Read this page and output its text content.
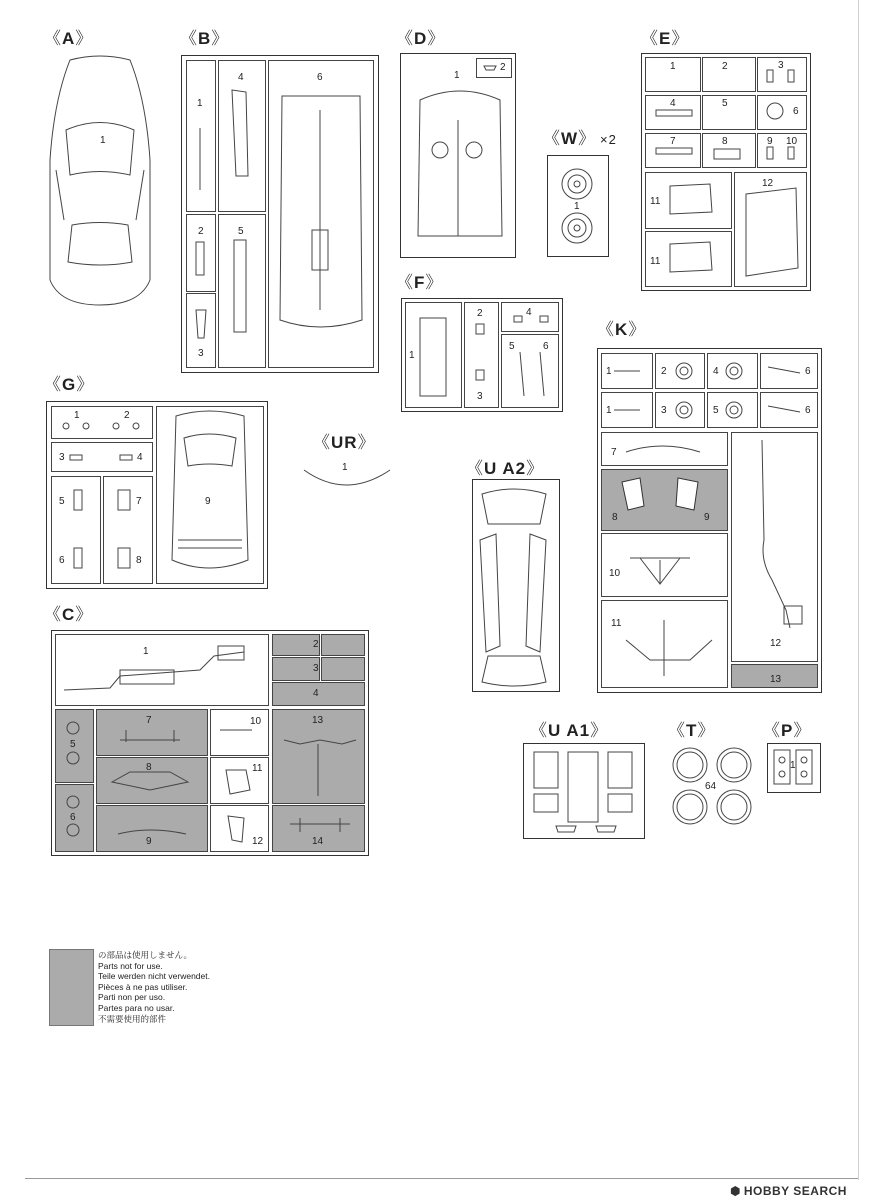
《A》
1
《B》
1
2
3
4
5
6
《D》
1
2
《W》 ×2
1
《E》
1	2	3
4	5
6
7	8	9 10
11
11
12
《F》
1
2
3
4
5	6
《K》
1	2	4	6
1	3	5	6
7
8	9
10
11
12
13
《G》
1	2
3	4
5
6
7
8
9
《UR》
1	《U A2》
《C》
1
2
3
4
5
6
7
8
9
10
11
12
13
14
《U A1》	《T》
64
《P》
1
の部品は使用しません。
Parts not for use.
Teile werden nicht verwendet.
Pièces à ne pas utiliser.
Parti non per uso.
Partes para no usar.
不需要使用的部件
⬢ HOBBY SEARCH
